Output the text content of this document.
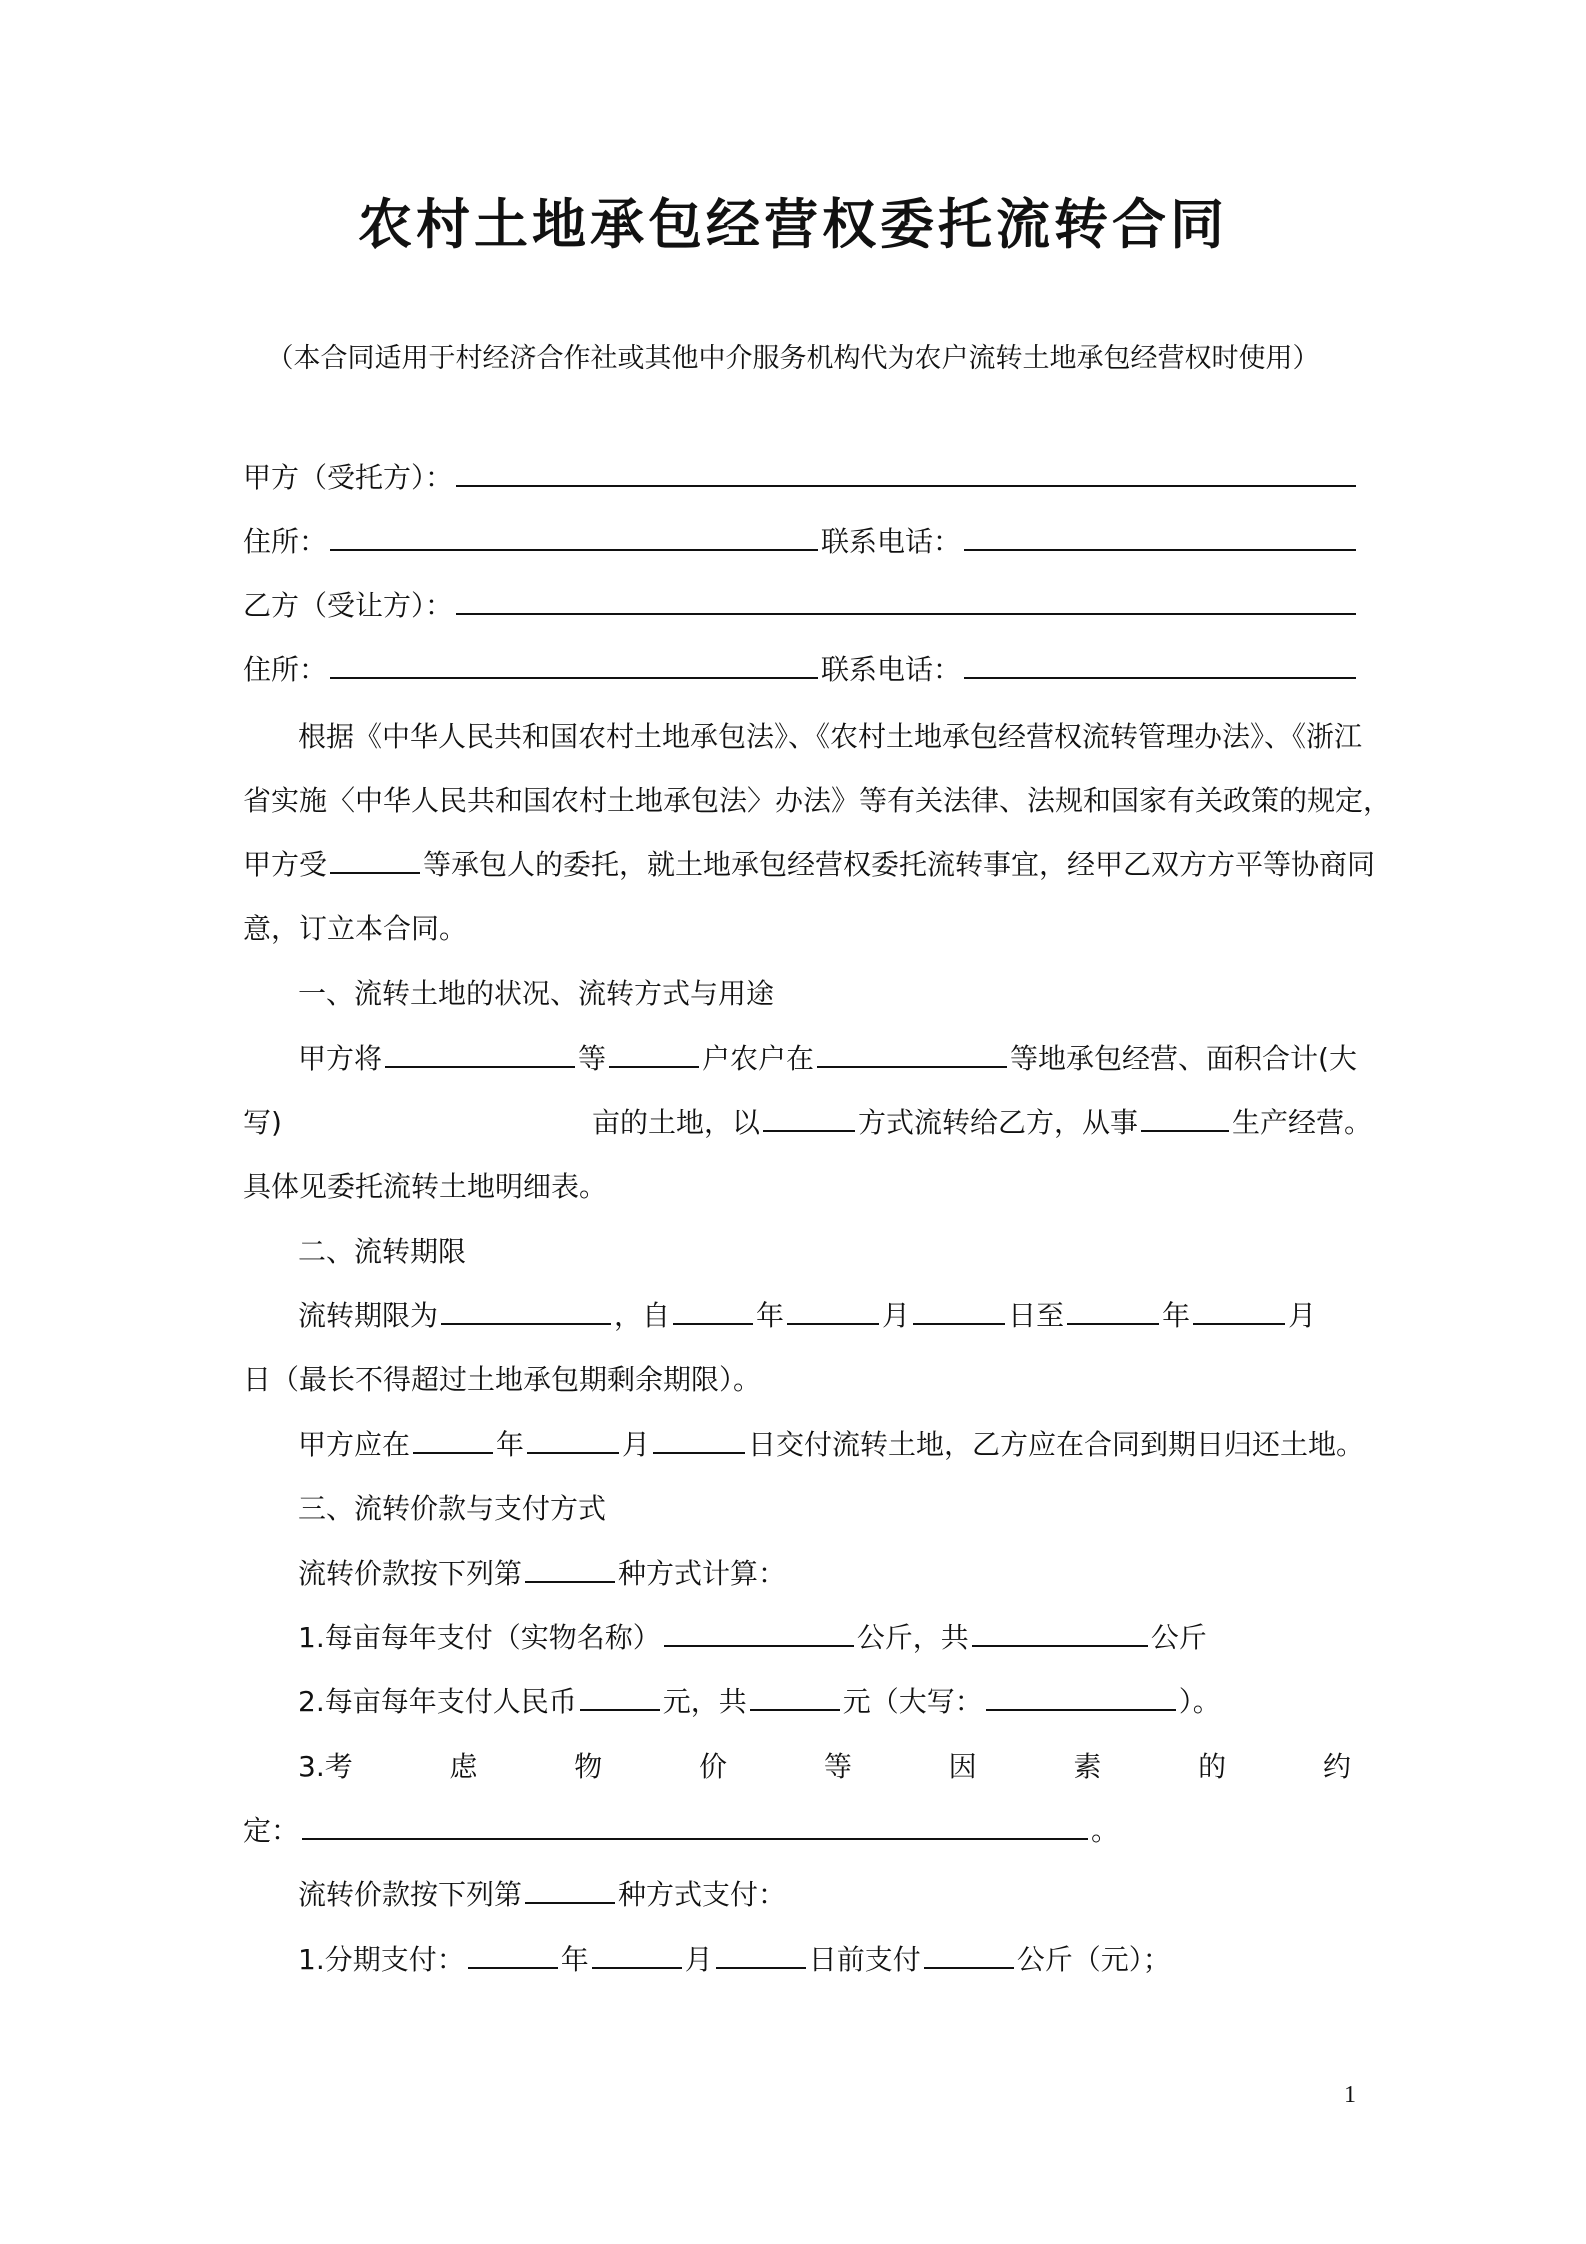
农村土地承包经营权委托流转合同
（本合同适用于村经济合作社或其他中介服务机构代为农户流转土地承包经营权时使用）
甲方（受托方）：
住所：	联系电话：
乙方（受让方）：
住所：	联系电话：
根据《中华人民共和国农村土地承包法》、《农村土地承包经营权流转管理办法》、《浙江
省实施〈中华人民共和国农村土地承包法〉办法》等有关法律、法规和国家有关政策的规定，
甲方受	等承包人的委托，就土地承包经营权委托流转事宜，经甲乙双方方平等协商同
意，订立本合同。
一、流转土地的状况、流转方式与用途
甲方将	等	户农户在	等地承包经营、面积合计(大
写)	亩的土地，以	方式流转给乙方，从事	生产经营。
具体见委托流转土地明细表。
二、流转期限
流转期限为	，自	年	月	日至	年	月
日（最长不得超过土地承包期剩余期限）。
甲方应在	年	月	日交付流转土地，乙方应在合同到期日归还土地。
三、流转价款与支付方式
流转价款按下列第	种方式计算：
1.每亩每年支付（实物名称）	公斤，共	公斤
2.每亩每年支付人民币	元，共	元（大写：	）。
3.考	虑	物	价	等	因	素	的	约
定：	。
流转价款按下列第	种方式支付：
1.分期支付：	年	月	日前支付	公斤（元）；
1
